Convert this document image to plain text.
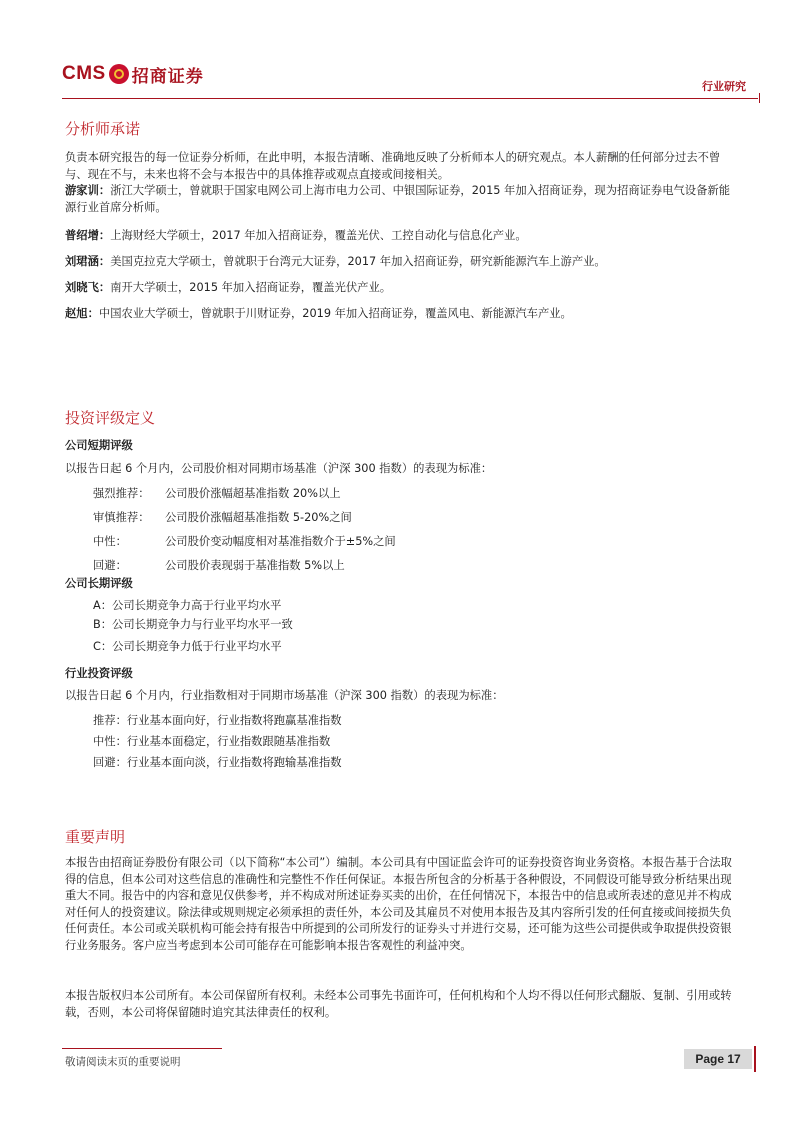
CMS 招商证券	行业研究
分析师承诺
负责本研究报告的每一位证券分析师，在此申明，本报告清晰、准确地反映了分析师本人的研究观点。本人薪酬的任何部分过去不曾与、现在不与，未来也将不会与本报告中的具体推荐或观点直接或间接相关。
游家训：浙江大学硕士，曾就职于国家电网公司上海市电力公司、中银国际证券，2015 年加入招商证券，现为招商证券电气设备新能源行业首席分析师。
普绍增：上海财经大学硕士，2017 年加入招商证券，覆盖光伏、工控自动化与信息化产业。
刘珺涵：美国克拉克大学硕士，曾就职于台湾元大证券，2017 年加入招商证券，研究新能源汽车上游产业。
刘晓飞：南开大学硕士，2015 年加入招商证券，覆盖光伏产业。
赵旭：中国农业大学硕士，曾就职于川财证券，2019 年加入招商证券，覆盖风电、新能源汽车产业。
投资评级定义
公司短期评级
以报告日起 6 个月内，公司股价相对同期市场基准（沪深 300 指数）的表现为标准：
强烈推荐： 公司股价涨幅超基准指数 20%以上
审慎推荐： 公司股价涨幅超基准指数 5-20%之间
中性：	公司股价变动幅度相对基准指数介于±5%之间
回避：	公司股价表现弱于基准指数 5%以上
公司长期评级
A：公司长期竞争力高于行业平均水平
B：公司长期竞争力与行业平均水平一致
C：公司长期竞争力低于行业平均水平
行业投资评级
以报告日起 6 个月内，行业指数相对于同期市场基准（沪深 300 指数）的表现为标准：
推荐：行业基本面向好，行业指数将跑赢基准指数
中性：行业基本面稳定，行业指数跟随基准指数
回避：行业基本面向淡，行业指数将跑输基准指数
重要声明
本报告由招商证券股份有限公司（以下简称“本公司”）编制。本公司具有中国证监会许可的证券投资咨询业务资格。本报告基于合法取得的信息，但本公司对这些信息的准确性和完整性不作任何保证。本报告所包含的分析基于各种假设，不同假设可能导致分析结果出现重大不同。报告中的内容和意见仅供参考，并不构成对所述证券买卖的出价，在任何情况下，本报告中的信息或所表述的意见并不构成对任何人的投资建议。除法律或规则规定必须承担的责任外，本公司及其雇员不对使用本报告及其内容所引发的任何直接或间接损失负任何责任。本公司或关联机构可能会持有报告中所提到的公司所发行的证券头寸并进行交易，还可能为这些公司提供或争取提供投资银行业务服务。客户应当考虑到本公司可能存在可能影响本报告客观性的利益冲突。
本报告版权归本公司所有。本公司保留所有权利。未经本公司事先书面许可，任何机构和个人均不得以任何形式翻版、复制、引用或转载，否则，本公司将保留随时追究其法律责任的权利。
敬请阅读末页的重要说明	Page 17
